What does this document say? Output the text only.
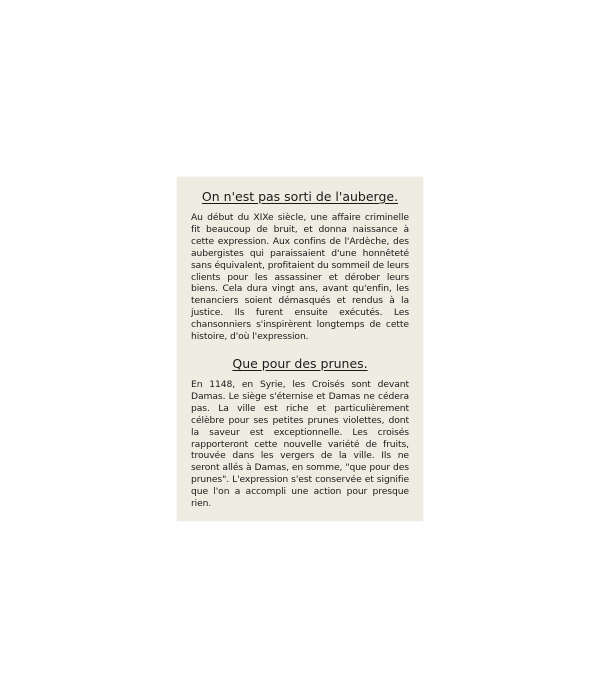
On n'est pas sorti de l'auberge.

Au début du XIXe siècle, une affaire criminelle fit beaucoup de bruit, et donna naissance à cette expression. Aux confins de l'Ardèche, des aubergistes qui paraissaient d'une honnêteté sans équivalent, profitaient du sommeil de leurs clients pour les assassiner et dérober leurs biens. Cela dura vingt ans, avant qu'enfin, les tenanciers soient démasqués et rendus à la justice. Ils furent ensuite exécutés. Les chansonniers s'inspirèrent longtemps de cette histoire, d'où l'expression.

Que pour des prunes.

En 1148, en Syrie, les Croisés sont devant Damas. Le siège s'éternise et Damas ne cédera pas. La ville est riche et particulièrement célèbre pour ses petites prunes violettes, dont la saveur est exceptionnelle. Les croisés rapporteront cette nouvelle variété de fruits, trouvée dans les vergers de la ville. Ils ne seront allés à Damas, en somme, "que pour des prunes". L'expression s'est conservée et signifie que l'on a accompli une action pour presque rien.
